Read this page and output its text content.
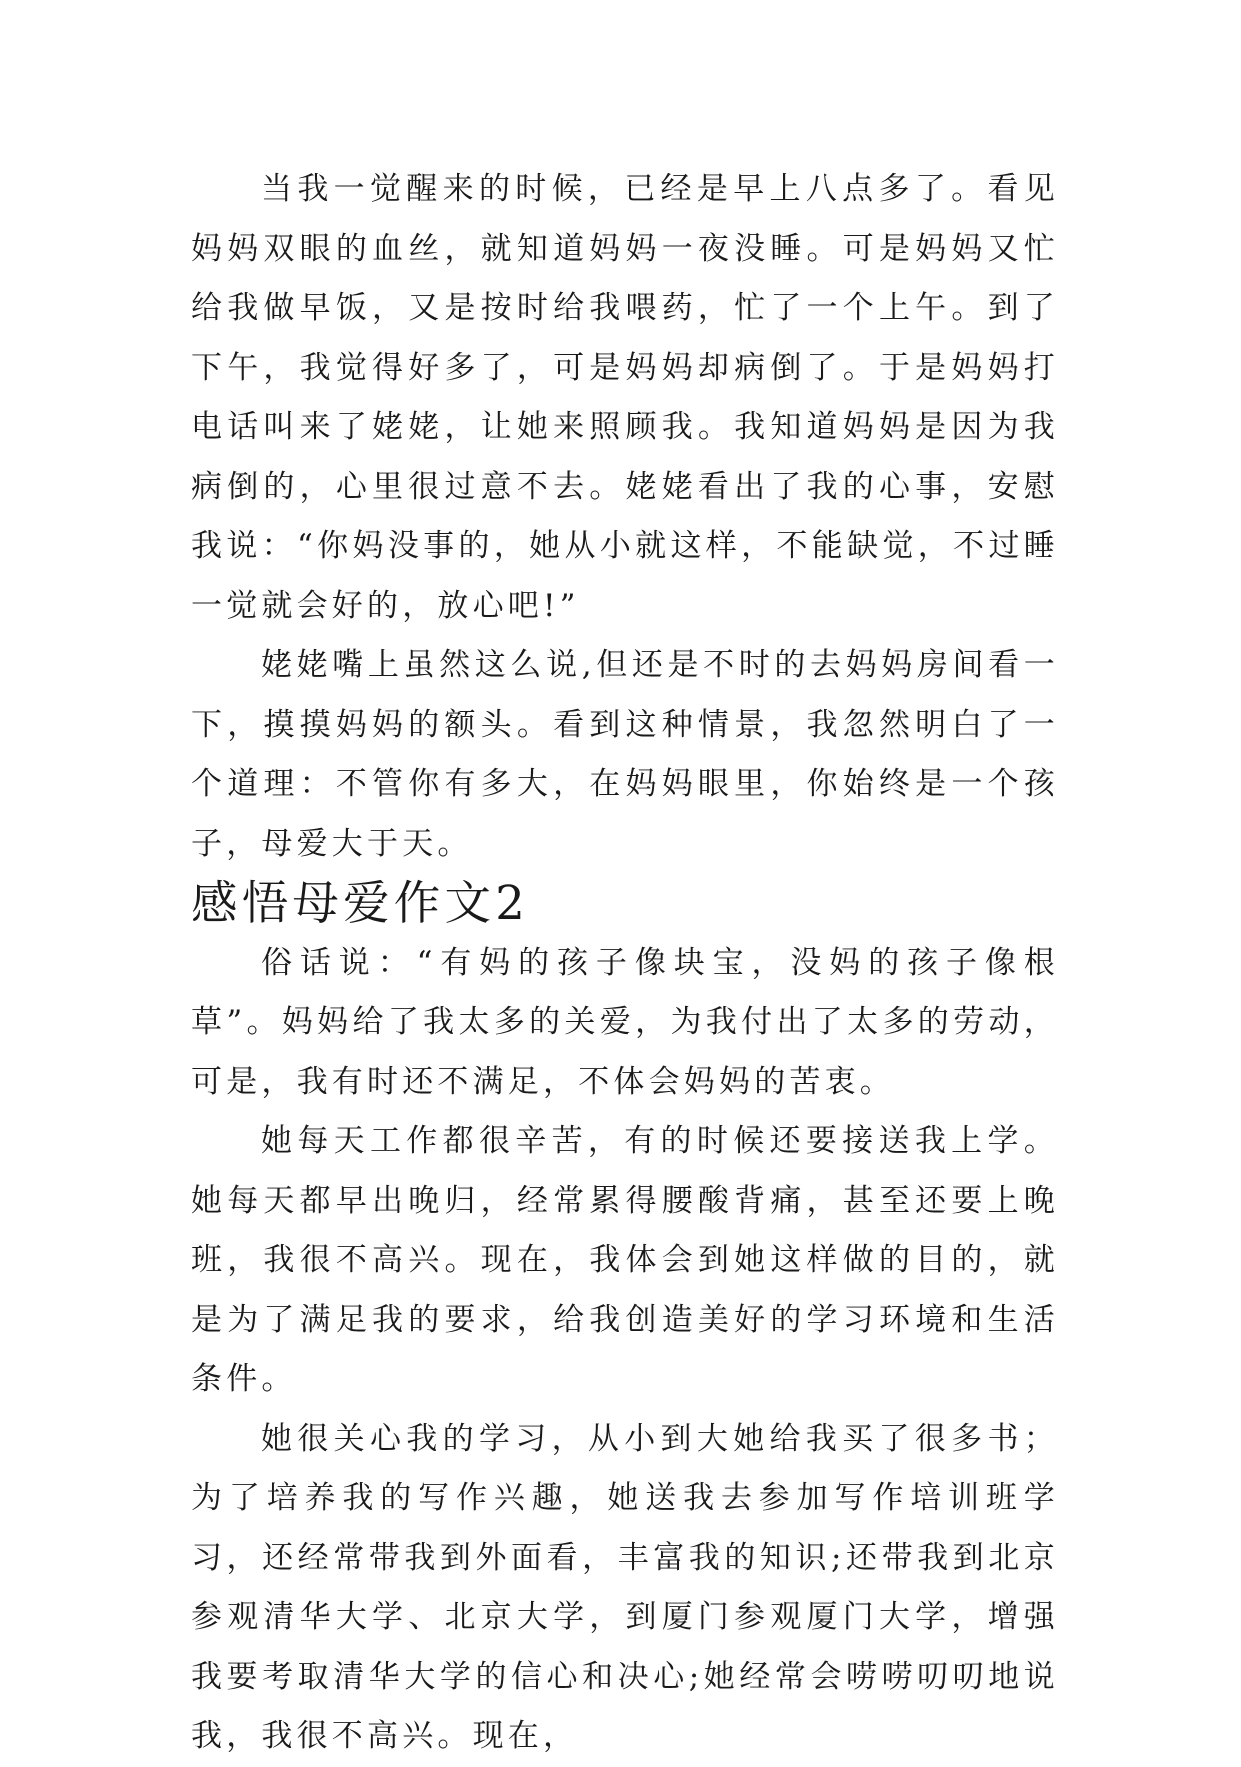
当我一觉醒来的时候，已经是早上八点多了。看见妈妈双眼的血丝，就知道妈妈一夜没睡。可是妈妈又忙给我做早饭，又是按时给我喂药，忙了一个上午。到了下午，我觉得好多了，可是妈妈却病倒了。于是妈妈打电话叫来了姥姥，让她来照顾我。我知道妈妈是因为我病倒的，心里很过意不去。姥姥看出了我的心事，安慰我说：“你妈没事的，她从小就这样，不能缺觉，不过睡一觉就会好的，放心吧!”

姥姥嘴上虽然这么说,但还是不时的去妈妈房间看一下，摸摸妈妈的额头。看到这种情景，我忽然明白了一个道理：不管你有多大，在妈妈眼里，你始终是一个孩子，母爱大于天。

感悟母爱作文2

俗话说：“有妈的孩子像块宝，没妈的孩子像根草”。妈妈给了我太多的关爱，为我付出了太多的劳动，可是，我有时还不满足，不体会妈妈的苦衷。

她每天工作都很辛苦，有的时候还要接送我上学。她每天都早出晚归，经常累得腰酸背痛，甚至还要上晚班，我很不高兴。现在，我体会到她这样做的目的，就是为了满足我的要求，给我创造美好的学习环境和生活条件。

她很关心我的学习，从小到大她给我买了很多书；为了培养我的写作兴趣，她送我去参加写作培训班学习，还经常带我到外面看，丰富我的知识;还带我到北京参观清华大学、北京大学，到厦门参观厦门大学，增强我要考取清华大学的信心和决心;她经常会唠唠叨叨地说我，我很不高兴。现在，
